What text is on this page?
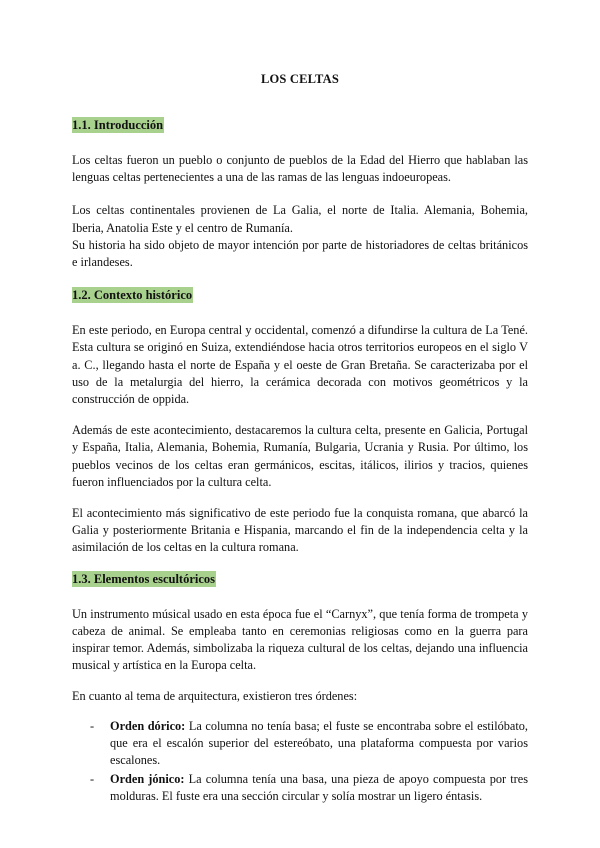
LOS CELTAS
1.1. Introducción

Los celtas fueron un pueblo o conjunto de pueblos de la Edad del Hierro que hablaban las lenguas celtas pertenecientes a una de las ramas de las lenguas indoeuropeas.

Los celtas continentales provienen de La Galia, el norte de Italia. Alemania, Bohemia, Iberia, Anatolia Este y el centro de Rumanía.

Su historia ha sido objeto de mayor intención por parte de historiadores de celtas británicos e irlandeses.

1.2. Contexto histórico

En este periodo, en Europa central y occidental, comenzó a difundirse la cultura de La Tené. Esta cultura se originó en Suiza, extendiéndose hacia otros territorios europeos en el siglo V a. C., llegando hasta el norte de España y el oeste de Gran Bretaña. Se caracterizaba por el uso de la metalurgia del hierro, la cerámica decorada con motivos geométricos y la construcción de oppida.

Además de este acontecimiento, destacaremos la cultura celta, presente en Galicia, Portugal y España, Italia, Alemania, Bohemia, Rumanía, Bulgaria, Ucrania y Rusia. Por último, los pueblos vecinos de los celtas eran germánicos, escitas, itálicos, ilirios y tracios, quienes fueron influenciados por la cultura celta.

El acontecimiento más significativo de este periodo fue la conquista romana, que abarcó la Galia y posteriormente Britania e Hispania, marcando el fin de la independencia celta y la asimilación de los celtas en la cultura romana.

1.3. Elementos escultóricos

Un instrumento músical usado en esta época fue el “Carnyx”, que tenía forma de trompeta y cabeza de animal. Se empleaba tanto en ceremonias religiosas como en la guerra para inspirar temor. Además, simbolizaba la riqueza cultural de los celtas, dejando una influencia musical y artística en la Europa celta.

En cuanto al tema de arquitectura, existieron tres órdenes:

- Orden dórico: La columna no tenía basa; el fuste se encontraba sobre el estilóbato, que era el escalón superior del estereóbato, una plataforma compuesta por varios escalones.
- Orden jónico: La columna tenía una basa, una pieza de apoyo compuesta por tres molduras. El fuste era una sección circular y solía mostrar un ligero éntasis.
